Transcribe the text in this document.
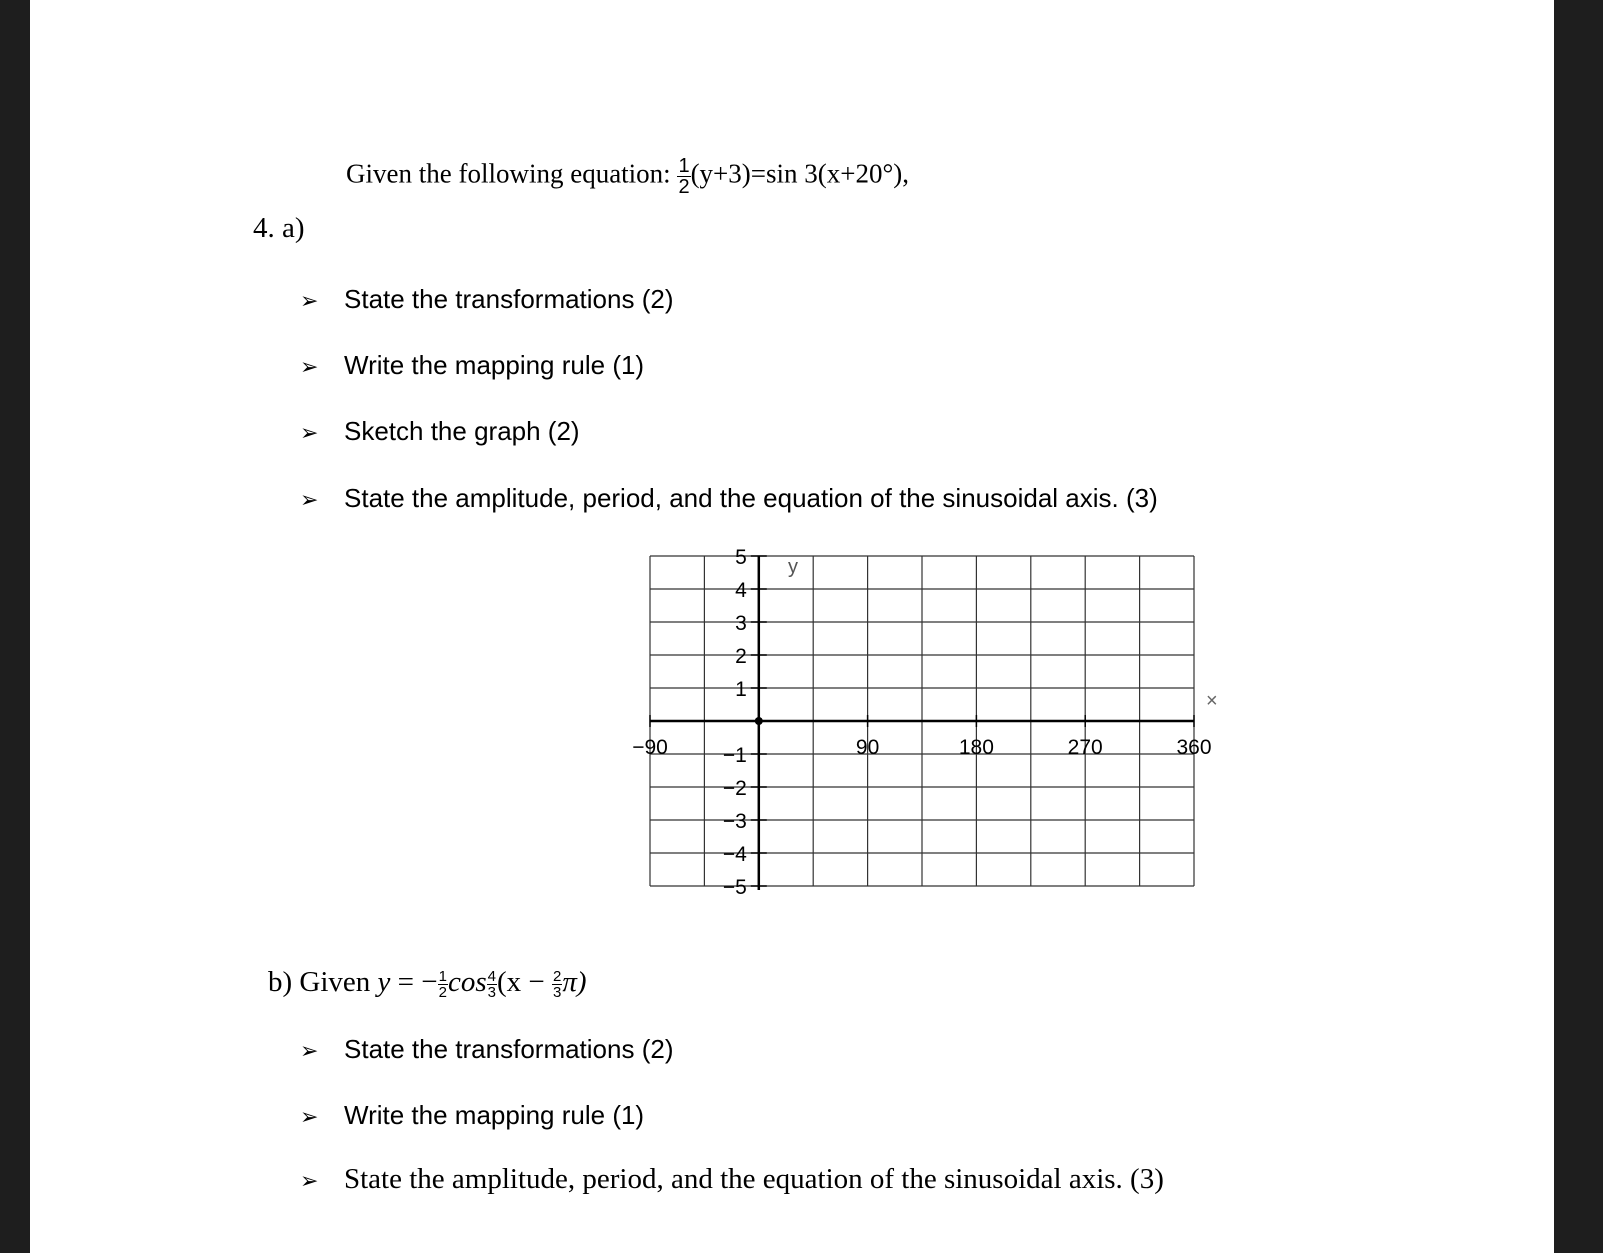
4. a)
Given the following equation: $\frac{1}{2} (y+3)=\sin$ 3(x+20°),
➢ State the transformations (2)
➢ Write the mapping rule (1)
➢ Sketch the graph (2)
➢ State the amplitude, period, and the equation of the sinusoidal axis. (3)
5
4
3
2
1
−1
−2
−3
−4
−5
−90	90	180	270	360
y
×
b) Given y = − $\frac{1}{2}$ $\cos \frac{4}{3} (x - \frac{2}{3} \pi)$
➢ State the transformations (2)
➢ Write the mapping rule (1)
➢ State the amplitude, period, and the equation of the sinusoidal axis. (3)
